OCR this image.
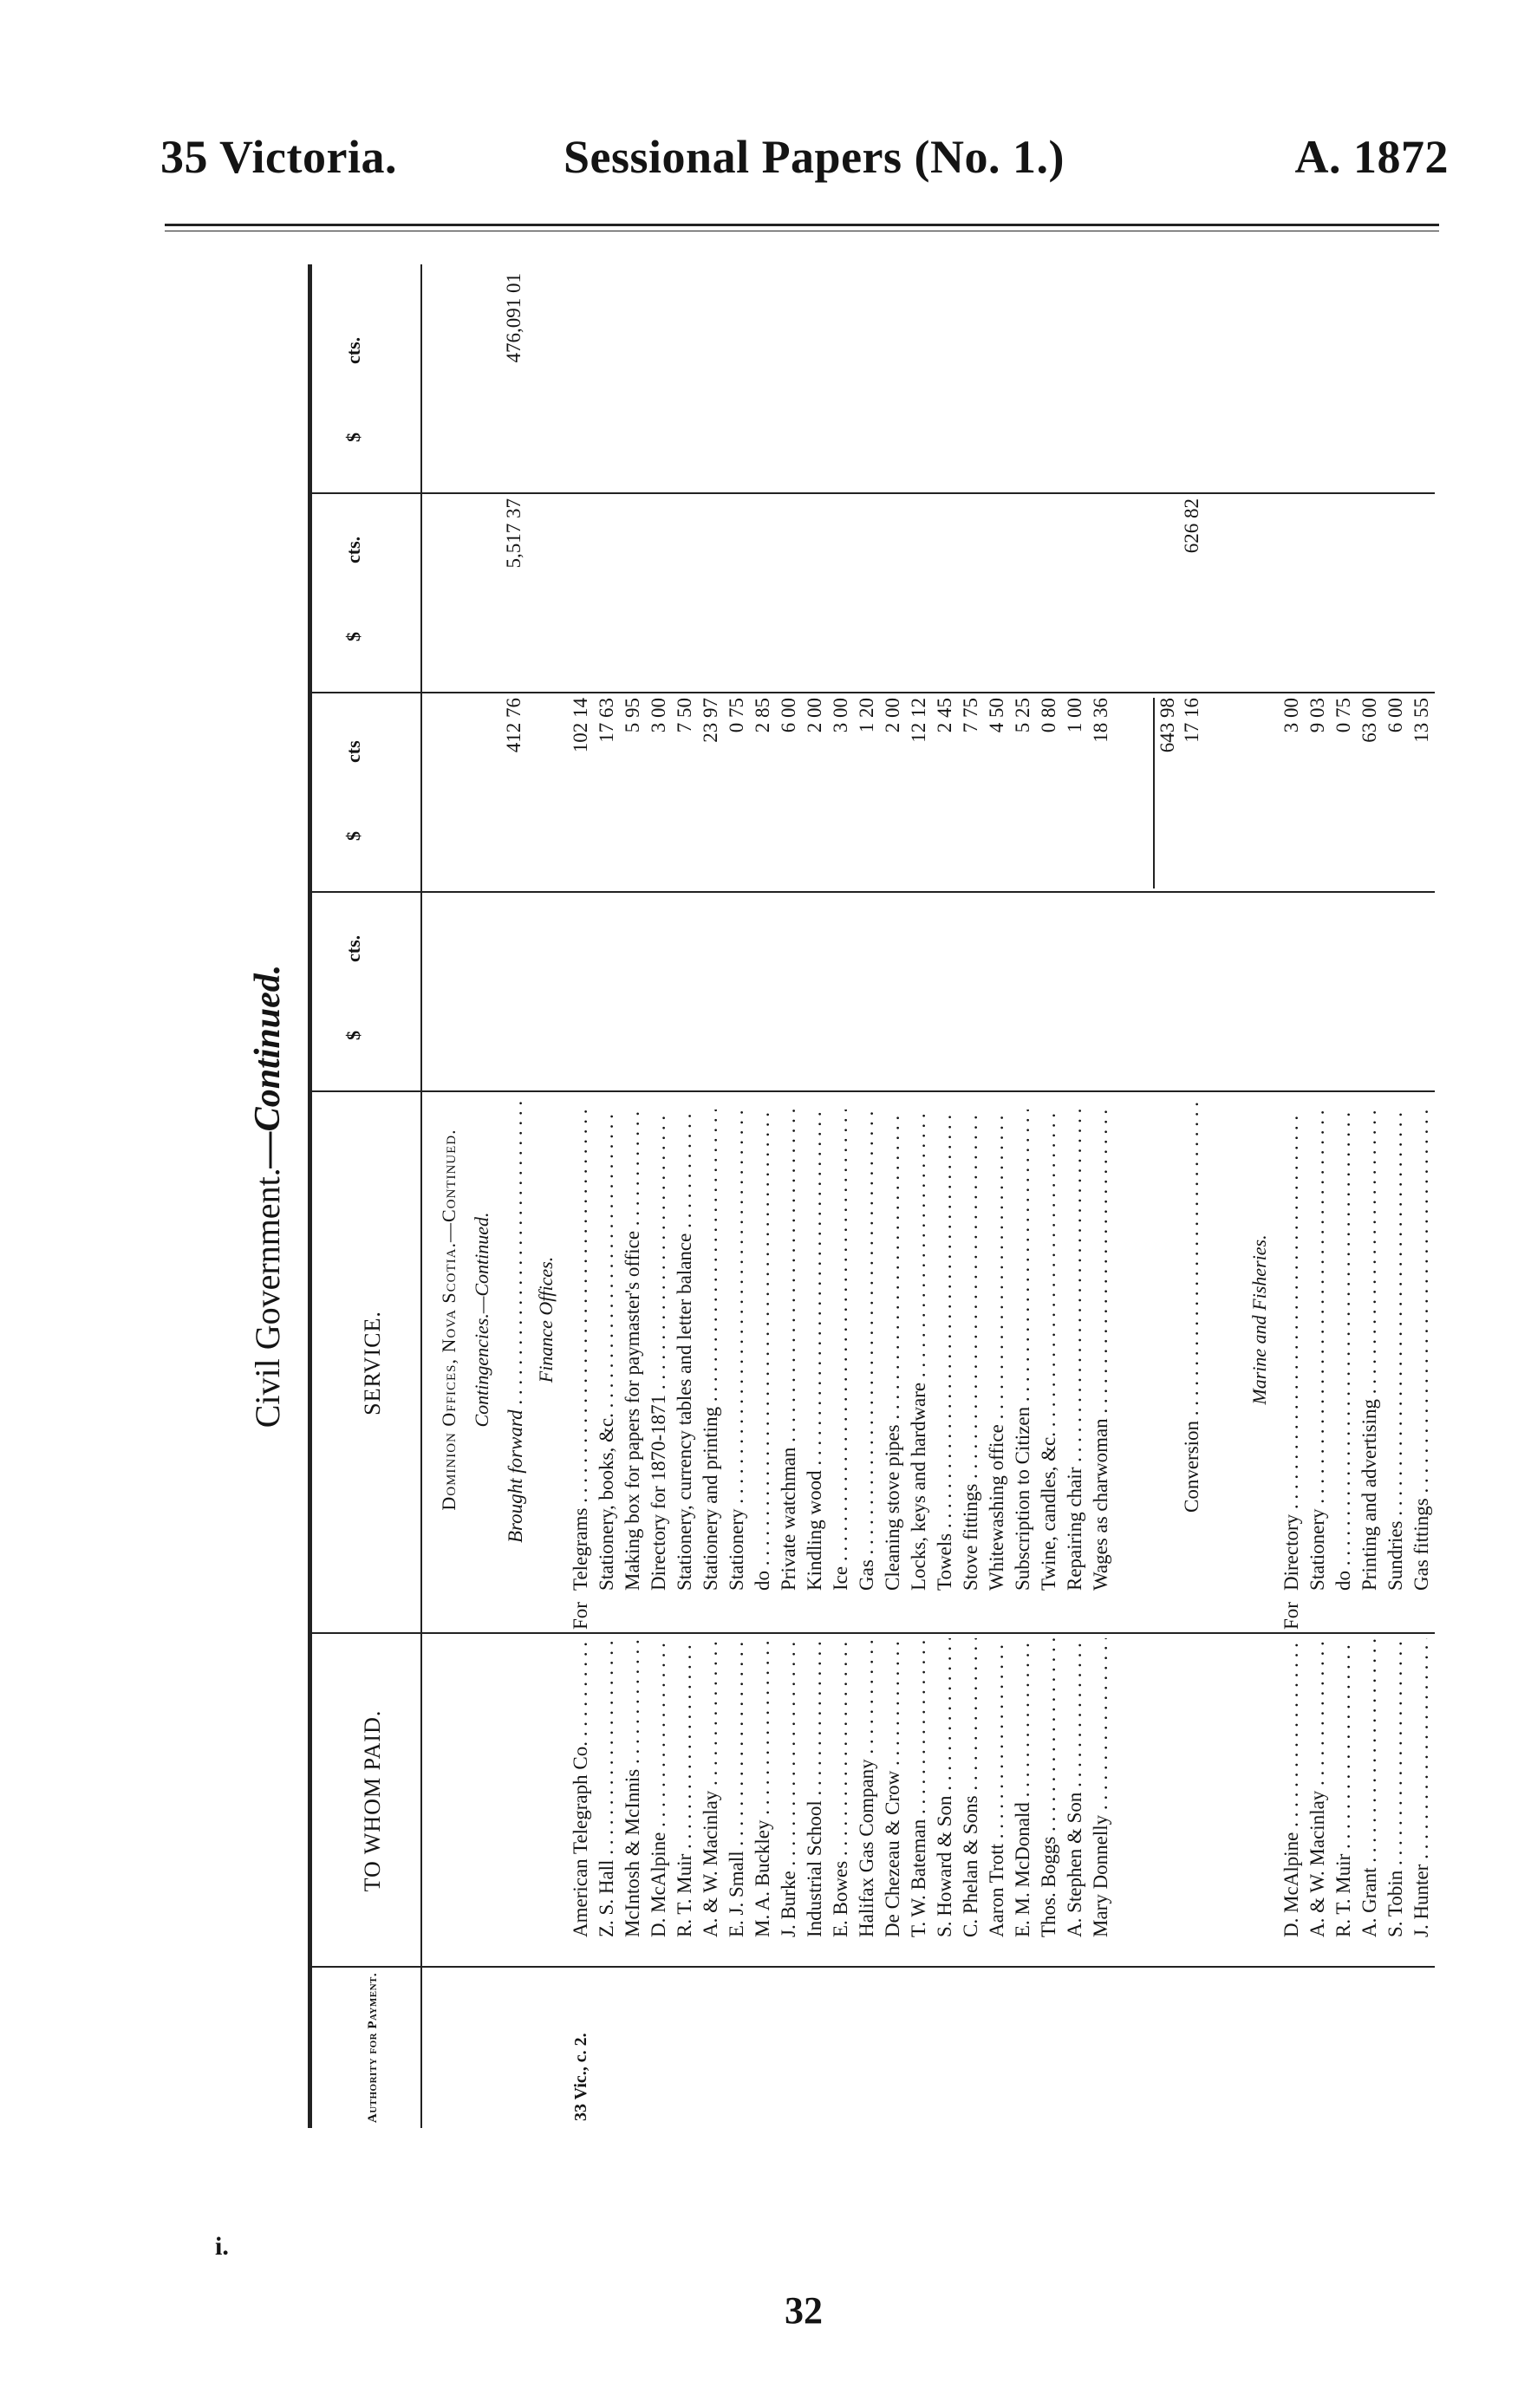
35 Victoria.	Sessional Papers (No. 1.)	A. 1872
Civil Government.—Continued.
Authority for Payment.
TO WHOM PAID.
SERVICE.
$
cts.
$
cts
$
cts.
$
cts.
Dominion Offices, Nova Scotia.—Continued. Contingencies.—Continued.
Brought forward . . .
412 76
5,517 37
476,091 01
Finance Offices.
33 Vic., c. 2.
American Telegraph Co. . . .
For
Telegrams . . .
102 14
Z. S. Hall . . .
Stationery, books, &c. . . .
17 63
McIntosh & McInnis . . .
Making box for papers for paymaster's office . . .
5 95
D. McAlpine . . .
Directory for 1870-1871 . . .
3 00
R. T. Muir . . .
Stationery, currency tables and letter balance . . .
7 50
A. & W. Macinlay . . .
Stationery and printing . . .
23 97
E. J. Small . . .
Stationery . . .
0 75
M. A. Buckley . . .
do . . .
2 85
J. Burke . . .
Private watchman . . .
6 00
Industrial School . . .
Kindling wood . . .
2 00
E. Bowes . . .
Ice . . .
3 00
Halifax Gas Company . . .
Gas . . .
1 20
De Chezeau & Crow . . .
Cleaning stove pipes . . .
2 00
T. W. Bateman . . .
Locks, keys and hardware . . .
12 12
S. Howard & Son . . .
Towels . . .
2 45
C. Phelan & Sons . . .
Stove fittings . . .
7 75
Aaron Trott . . .
Whitewashing office . . .
4 50
E. M. McDonald . . .
Subscription to Citizen . . .
5 25
Thos. Boggs . . .
Twine, candles, &c. . . .
0 80
A. Stephen & Son . . .
Repairing chair . . .
1 00
Mary Donnelly . . .
Wages as charwoman . . .
18 36
Conversion . . .
Marine and Fisheries.
D. McAlpine . . .
For
Directory . . .
3 00
A. & W. Macinlay . . .
Stationery . . .
9 03
R. T. Muir . . .
do . . .
0 75
A. Grant . . .
Printing and advertising . . .
63 00
S. Tobin . . .
Sundries . . .
6 00
J. Hunter . . .
Gas fittings . . .
13 55
643 98 17 16
626 82
32
i.
